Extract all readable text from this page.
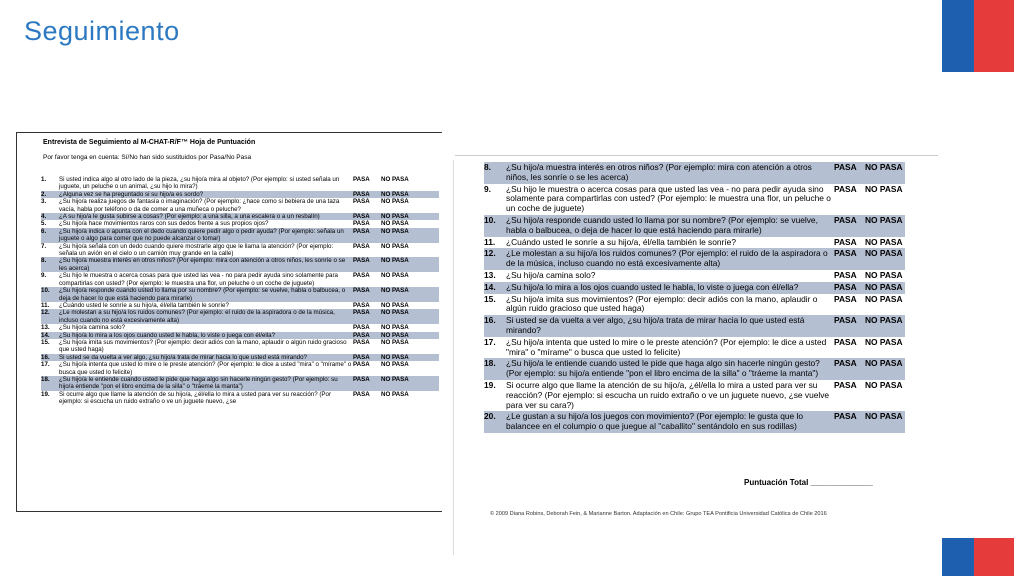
Seguimiento
Entrevista de Seguimiento al M-CHAT-R/F™ Hoja de Puntuación
Por favor tenga en cuenta: Sí/No han sido sustituidos por Pasa/No Pasa
1.	Si usted indica algo al otro lado de la pieza, ¿su hijo/a mira al objeto? (Por ejemplo: si usted señala un juguete, un peluche o un animal, ¿su hijo lo mira?)
PASA	NO PASA
2.	¿Alguna vez se ha preguntado si su hijo/a es sordo?	PASA	NO PASA
3.	¿Su hijo/a realiza juegos de fantasía o imaginación? (Por ejemplo: ¿hace como si bebiera de una taza vacía, habla por teléfono o da de comer a una muñeca o peluche?
PASA	NO PASA
4.	¿A su hijo/a le gusta subirse a cosas? (Por ejemplo: a una silla, a una escalera o a un resbalín)	PASA	NO PASA
5.	¿Su hijo/a hace movimientos raros con sus dedos frente a sus propios ojos?	PASA	NO PASA
6.	¿Su hijo/a indica o apunta con el dedo cuando quiere pedir algo o pedir ayuda? (Por ejemplo: señala un juguete o algo para comer que no puede alcanzar o tomar)
PASA	NO PASA
7.	¿Su hijo/a señala con un dedo cuando quiere mostrarle algo que le llama la atención? (Por ejemplo: señala un avión en el cielo o un camión muy grande en la calle)
PASA	NO PASA
8.	¿Su hijo/a muestra interés en otros niños? (Por ejemplo: mira con atención a otros niños, les sonríe o se les acerca)
PASA	NO PASA
9.	¿Su hijo le muestra o acerca cosas para que usted las vea - no para pedir ayuda sino solamente para compartirlas con usted? (Por ejemplo: le muestra una flor, un peluche o un coche de juguete)
PASA	NO PASA
10.	¿Su hijo/a responde cuando usted lo llama por su nombre? (Por ejemplo: se vuelve, habla o balbucea, o deja de hacer lo que está haciendo para mirarle)
PASA	NO PASA
11.	¿Cuándo usted le sonríe a su hijo/a, él/ella también le sonríe?	PASA	NO PASA
12.	¿Le molestan a su hijo/a los ruidos comunes? (Por ejemplo: el ruido de la aspiradora o de la música, incluso cuando no está excesivamente alta)
PASA	NO PASA
13.	¿Su hijo/a camina solo?	PASA	NO PASA
14.	¿Su hijo/a lo mira a los ojos cuando usted le habla, lo viste o juega con él/ella?	PASA	NO PASA
15.	¿Su hijo/a imita sus movimientos? (Por ejemplo: decir adiós con la mano, aplaudir o algún ruido gracioso que usted haga)
PASA	NO PASA
16.	Si usted se da vuelta a ver algo, ¿su hijo/a trata de mirar hacia lo que usted está mirando?	PASA	NO PASA
17.	¿Su hijo/a intenta que usted lo mire o le preste atención? (Por ejemplo: le dice a usted "mira" o "mírame" o busca que usted lo felicite)
PASA	NO PASA
18.	¿Su hijo/a le entiende cuando usted le pide que haga algo sin hacerle ningún gesto? (Por ejemplo: su hijo/a entiende "pon el libro encima de la silla" o "tráeme la manta")
PASA	NO PASA
19.	Si ocurre algo que llame la atención de su hijo/a, ¿él/ella lo mira a usted para ver su reacción? (Por ejemplo: si escucha un ruido extraño o ve un juguete nuevo, ¿se
PASA	NO PASA
8.	¿Su hijo/a muestra interés en otros niños? (Por ejemplo: mira con atención a otros niños, les sonríe o se les acerca)
PASA NO PASA
9.	¿Su hijo le muestra o acerca cosas para que usted las vea - no para pedir ayuda sino solamente para compartirlas con usted? (Por ejemplo: le muestra una flor, un peluche o un coche de juguete)
PASA NO PASA
10.	¿Su hijo/a responde cuando usted lo llama por su nombre? (Por ejemplo: se vuelve, habla o balbucea, o deja de hacer lo que está haciendo para mirarle)
PASA NO PASA
11.	¿Cuándo usted le sonríe a su hijo/a, él/ella también le sonríe?	PASA NO PASA
12.	¿Le molestan a su hijo/a los ruidos comunes? (Por ejemplo: el ruido de la aspiradora o de la música, incluso cuando no está excesivamente alta)
PASA NO PASA
13.	¿Su hijo/a camina solo?	PASA NO PASA
14.	¿Su hijo/a lo mira a los ojos cuando usted le habla, lo viste o juega con él/ella?	PASA NO PASA
15.	¿Su hijo/a imita sus movimientos? (Por ejemplo: decir adiós con la mano, aplaudir o algún ruido gracioso que usted haga)
PASA NO PASA
16.	Si usted se da vuelta a ver algo, ¿su hijo/a trata de mirar hacia lo que usted está mirando?
PASA NO PASA
17.	¿Su hijo/a intenta que usted lo mire o le preste atención? (Por ejemplo: le dice a usted "mira" o "mírame" o busca que usted lo felicite)
PASA NO PASA
18.	¿Su hijo/a le entiende cuando usted le pide que haga algo sin hacerle ningún gesto? (Por ejemplo: su hijo/a entiende "pon el libro encima de la silla" o "tráeme la manta")
PASA NO PASA
19.	Si ocurre algo que llame la atención de su hijo/a, ¿él/ella lo mira a usted para ver su reacción? (Por ejemplo: si escucha un ruido extraño o ve un juguete nuevo, ¿se vuelve para ver su cara?)
PASA NO PASA
20.	¿Le gustan a su hijo/a los juegos con movimiento? (Por ejemplo: le gusta que lo balancee en el columpio o que juegue al "caballito" sentándolo en sus rodillas)
PASA NO PASA
Puntuación Total ______________
© 2009 Diana Robins, Deborah Fein, & Marianne Barton. Adaptación en Chile: Grupo TEA Pontificia Universidad Católica de Chile 2016
